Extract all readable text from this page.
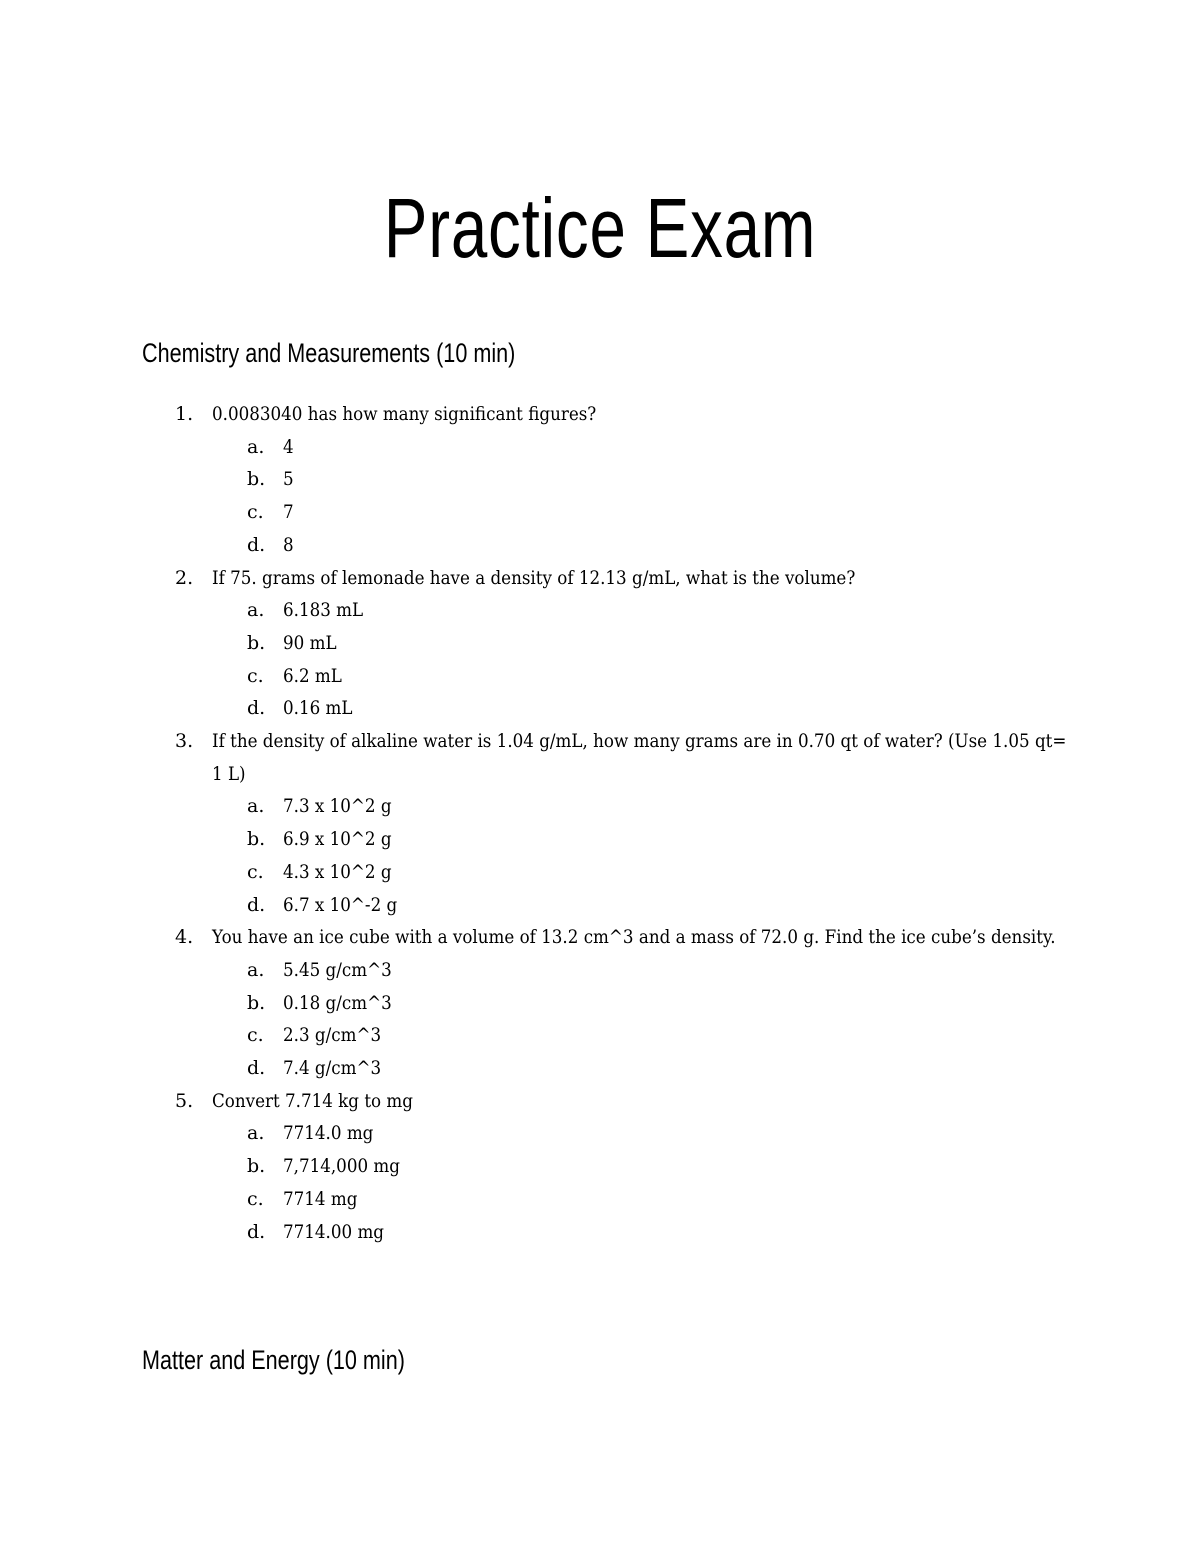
Practice Exam
Chemistry and Measurements (10 min)
1. 0.0083040 has how many significant figures?
a. 4
b. 5
c. 7
d. 8
2. If 75. grams of lemonade have a density of 12.13 g/mL, what is the volume?
a. 6.183 mL
b. 90 mL
c. 6.2 mL
d. 0.16 mL
3. If the density of alkaline water is 1.04 g/mL, how many grams are in 0.70 qt of water? (Use 1.05 qt= 1 L)
a. 7.3 x 10^2 g
b. 6.9 x 10^2 g
c. 4.3 x 10^2 g
d. 6.7 x 10^-2 g
4. You have an ice cube with a volume of 13.2 cm^3 and a mass of 72.0 g. Find the ice cube’s density.
a. 5.45 g/cm^3
b. 0.18 g/cm^3
c. 2.3 g/cm^3
d. 7.4 g/cm^3
5. Convert 7.714 kg to mg
a. 7714.0 mg
b. 7,714,000 mg
c. 7714 mg
d. 7714.00 mg
Matter and Energy (10 min)
